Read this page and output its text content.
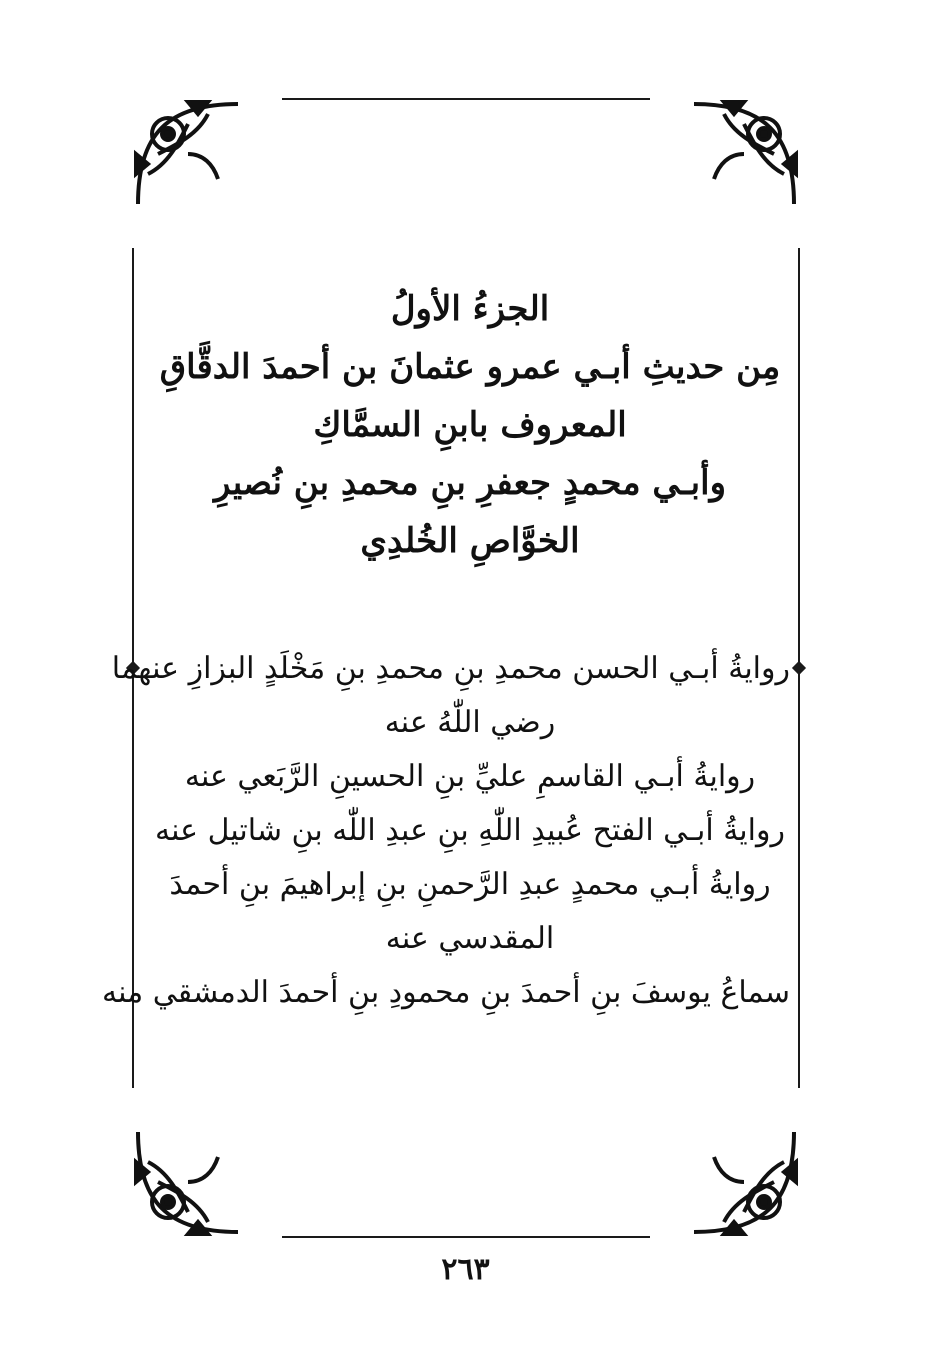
الجزءُ الأولُ
مِن حديثِ أبـي عمرو عثمانَ بن أحمدَ الدقَّاقِ
المعروف بابنِ السمَّاكِ
وأبـي محمدٍ جعفرِ بنِ محمدِ بنِ نُصيرِ
الخوَّاصِ الخُلدِي
روايةُ أبـي الحسن محمدِ بنِ محمدِ بنِ مَخْلَدٍ البزازِ عنهما
رضي اللّٰهُ عنه
روايةُ أبـي القاسمِ عليِّ بنِ الحسينِ الرَّبَعي عنه
روايةُ أبـي الفتح عُبيدِ اللّٰهِ بنِ عبدِ اللّٰه بنِ شاتيل عنه
روايةُ أبـي محمدٍ عبدِ الرَّحمنِ بنِ إبراهيمَ بنِ أحمدَ
المقدسي عنه
سماعُ يوسفَ بنِ أحمدَ بنِ محمودِ بنِ أحمدَ الدمشقي منه
٢٦٣
